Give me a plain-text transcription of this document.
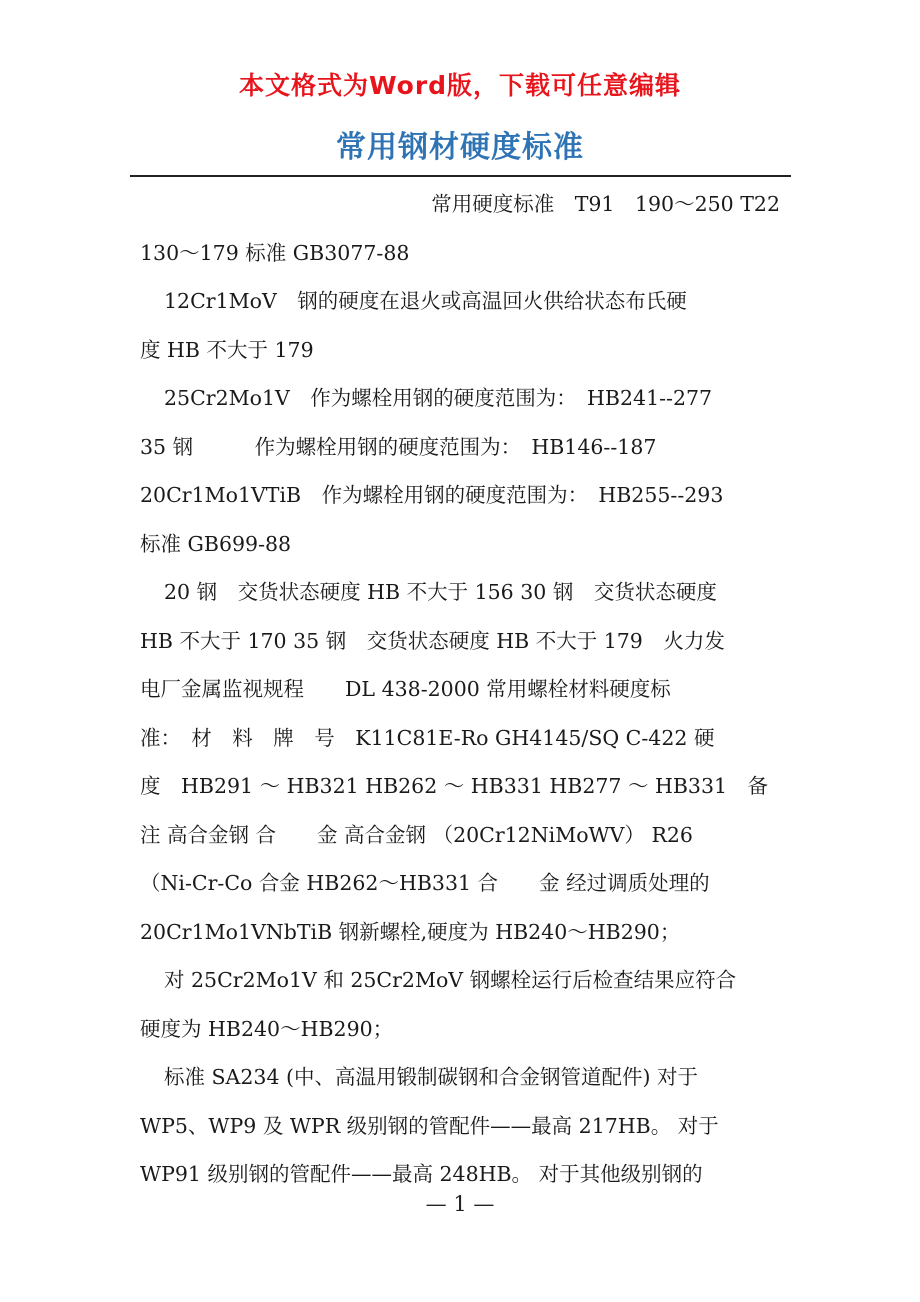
本文格式为Word版，下载可任意编辑
常用钢材硬度标准
常用硬度标准　T91　190～250 T22
130～179 标准 GB3077-88
12Cr1MoV　钢的硬度在退火或高温回火供给状态布氏硬
度 HB 不大于 179
25Cr2Mo1V　作为螺栓用钢的硬度范围为：　HB241--277
35 钢　　　作为螺栓用钢的硬度范围为：　HB146--187
20Cr1Mo1VTiB　作为螺栓用钢的硬度范围为：　HB255--293
标准 GB699-88
20 钢　交货状态硬度 HB 不大于 156 30 钢　交货状态硬度
HB 不大于 170 35 钢　交货状态硬度 HB 不大于 179　火力发
电厂金属监视规程　　DL 438-2000 常用螺栓材料硬度标
准：　材　料　牌　号　K11C81E-Ro GH4145/SQ C-422 硬
度　HB291 ～ HB321 HB262 ～ HB331 HB277 ～ HB331　备
注 高合金钢 合　　金 高合金钢 （20Cr12NiMoWV） R26
（Ni-Cr-Co 合金 HB262～HB331 合　　金 经过调质处理的
20Cr1Mo1VNbTiB 钢新螺栓,硬度为 HB240～HB290；
对 25Cr2Mo1V 和 25Cr2MoV 钢螺栓运行后检查结果应符合
硬度为 HB240～HB290；
标准 SA234 (中、高温用锻制碳钢和合金钢管道配件) 对于
WP5、WP9 及 WPR 级别钢的管配件——最高 217HB。 对于
WP91 级别钢的管配件——最高 248HB。 对于其他级别钢的
— 1 —
